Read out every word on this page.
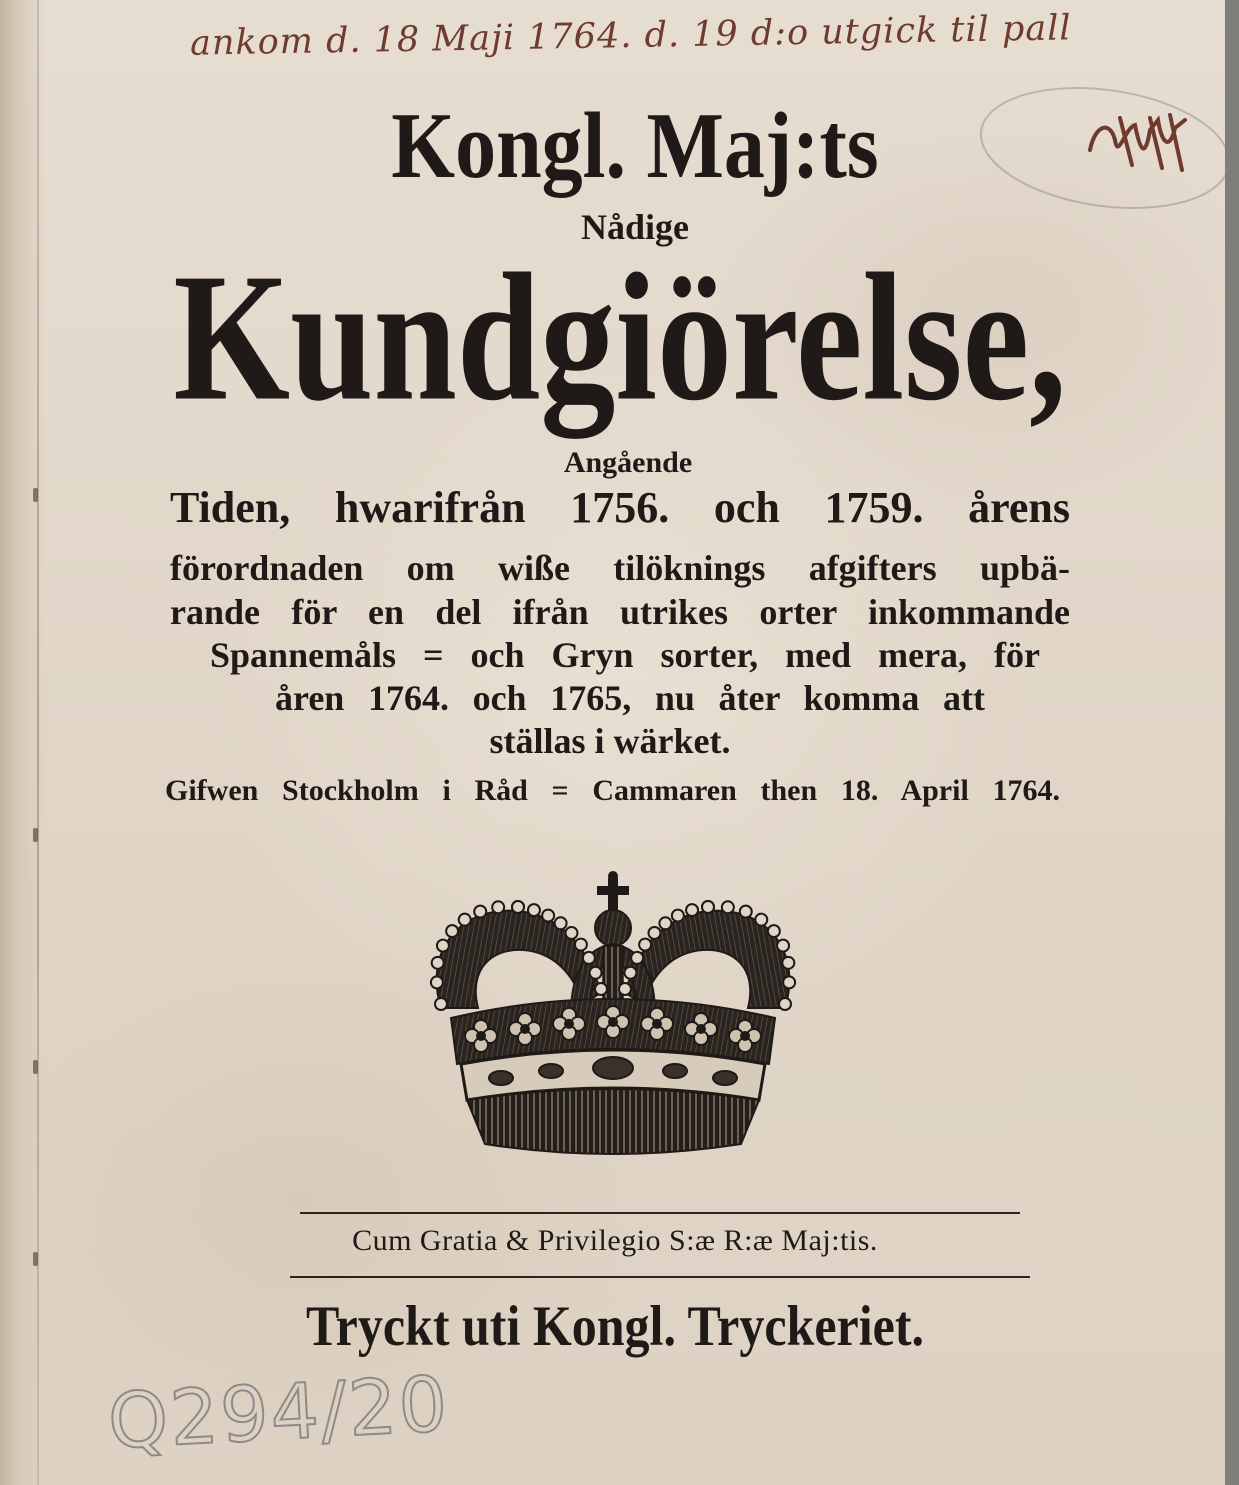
ankom d. 18 Maji 1764. d. 19 d:o utgick til pall
Kongl. Maj:ts
Nådige
Kundgiörelse,
Angående
Tiden, hwarifrån 1756. och 1759. årens
förordnaden om wiße tilöknings afgifters upbä-
rande för en del ifrån utrikes orter inkommande
Spannemåls = och Gryn sorter, med mera, för
åren 1764. och 1765, nu åter komma att
ställas i wärket.
Gifwen Stockholm i Råd = Cammaren then 18. April 1764.
Cum Gratia & Privilegio S:æ R:æ Maj:tis.
Tryckt uti Kongl. Tryckeriet.
Q294/20
